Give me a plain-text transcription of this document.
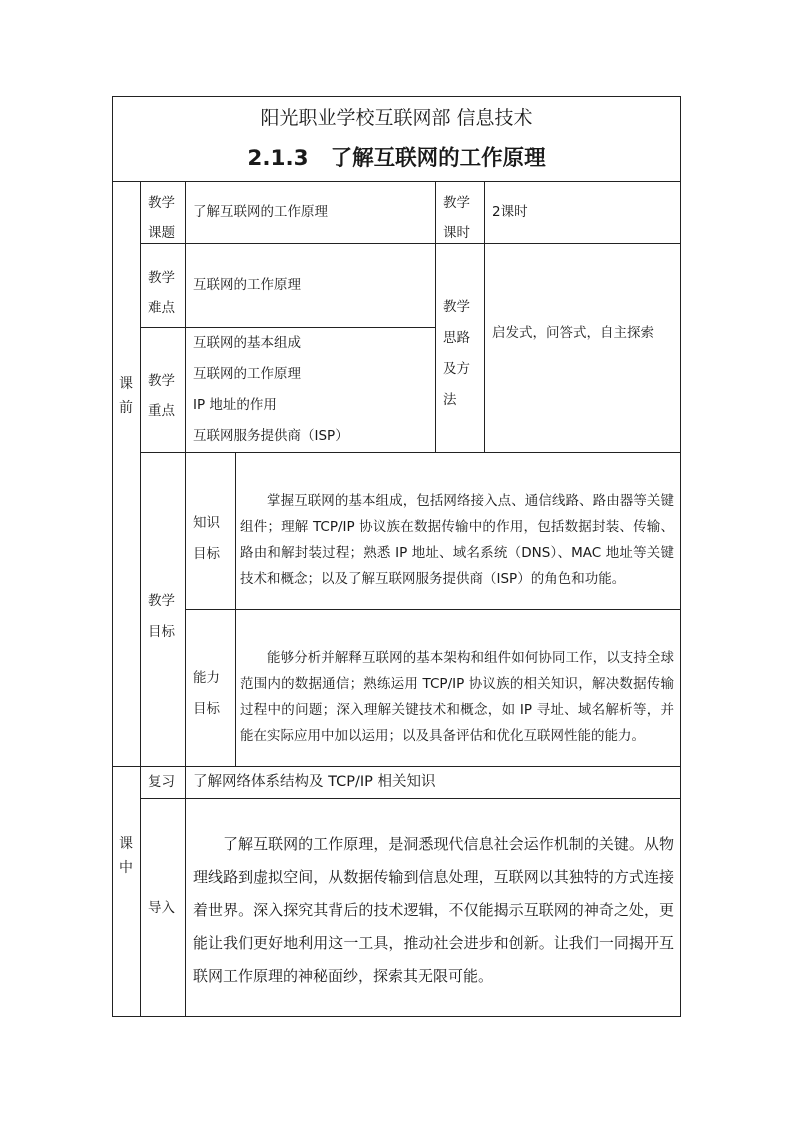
阳光职业学校互联网部 信息技术
2.1.3 了解互联网的工作原理
课
前
课
中
教学
课题
了解互联网的工作原理
教学
课时
2课时
教学
难点
互联网的工作原理
教学
思路
及方
法
启发式，问答式，自主探索
教学
重点
互联网的基本组成
互联网的工作原理
IP 地址的作用
互联网服务提供商（ISP）
教学
目标
知识
目标

掌握互联网的基本组成，包括网络接入点、通信线路、路由器等关键组件；理解 TCP/IP 协议族在数据传输中的作用，包括数据封装、传输、路由和解封装过程；熟悉 IP 地址、域名系统（DNS）、MAC 地址等关键技术和概念；以及了解互联网服务提供商（ISP）的角色和功能。

能力
目标

能够分析并解释互联网的基本架构和组件如何协同工作，以支持全球范围内的数据通信；熟练运用 TCP/IP 协议族的相关知识，解决数据传输过程中的问题；深入理解关键技术和概念，如 IP 寻址、域名解析等，并能在实际应用中加以运用；以及具备评估和优化互联网性能的能力。

复习 了解网络体系结构及 TCP/IP 相关知识
导入

了解互联网的工作原理，是洞悉现代信息社会运作机制的关键。从物理线路到虚拟空间，从数据传输到信息处理，互联网以其独特的方式连接着世界。深入探究其背后的技术逻辑，不仅能揭示互联网的神奇之处，更能让我们更好地利用这一工具，推动社会进步和创新。让我们一同揭开互联网工作原理的神秘面纱，探索其无限可能。
